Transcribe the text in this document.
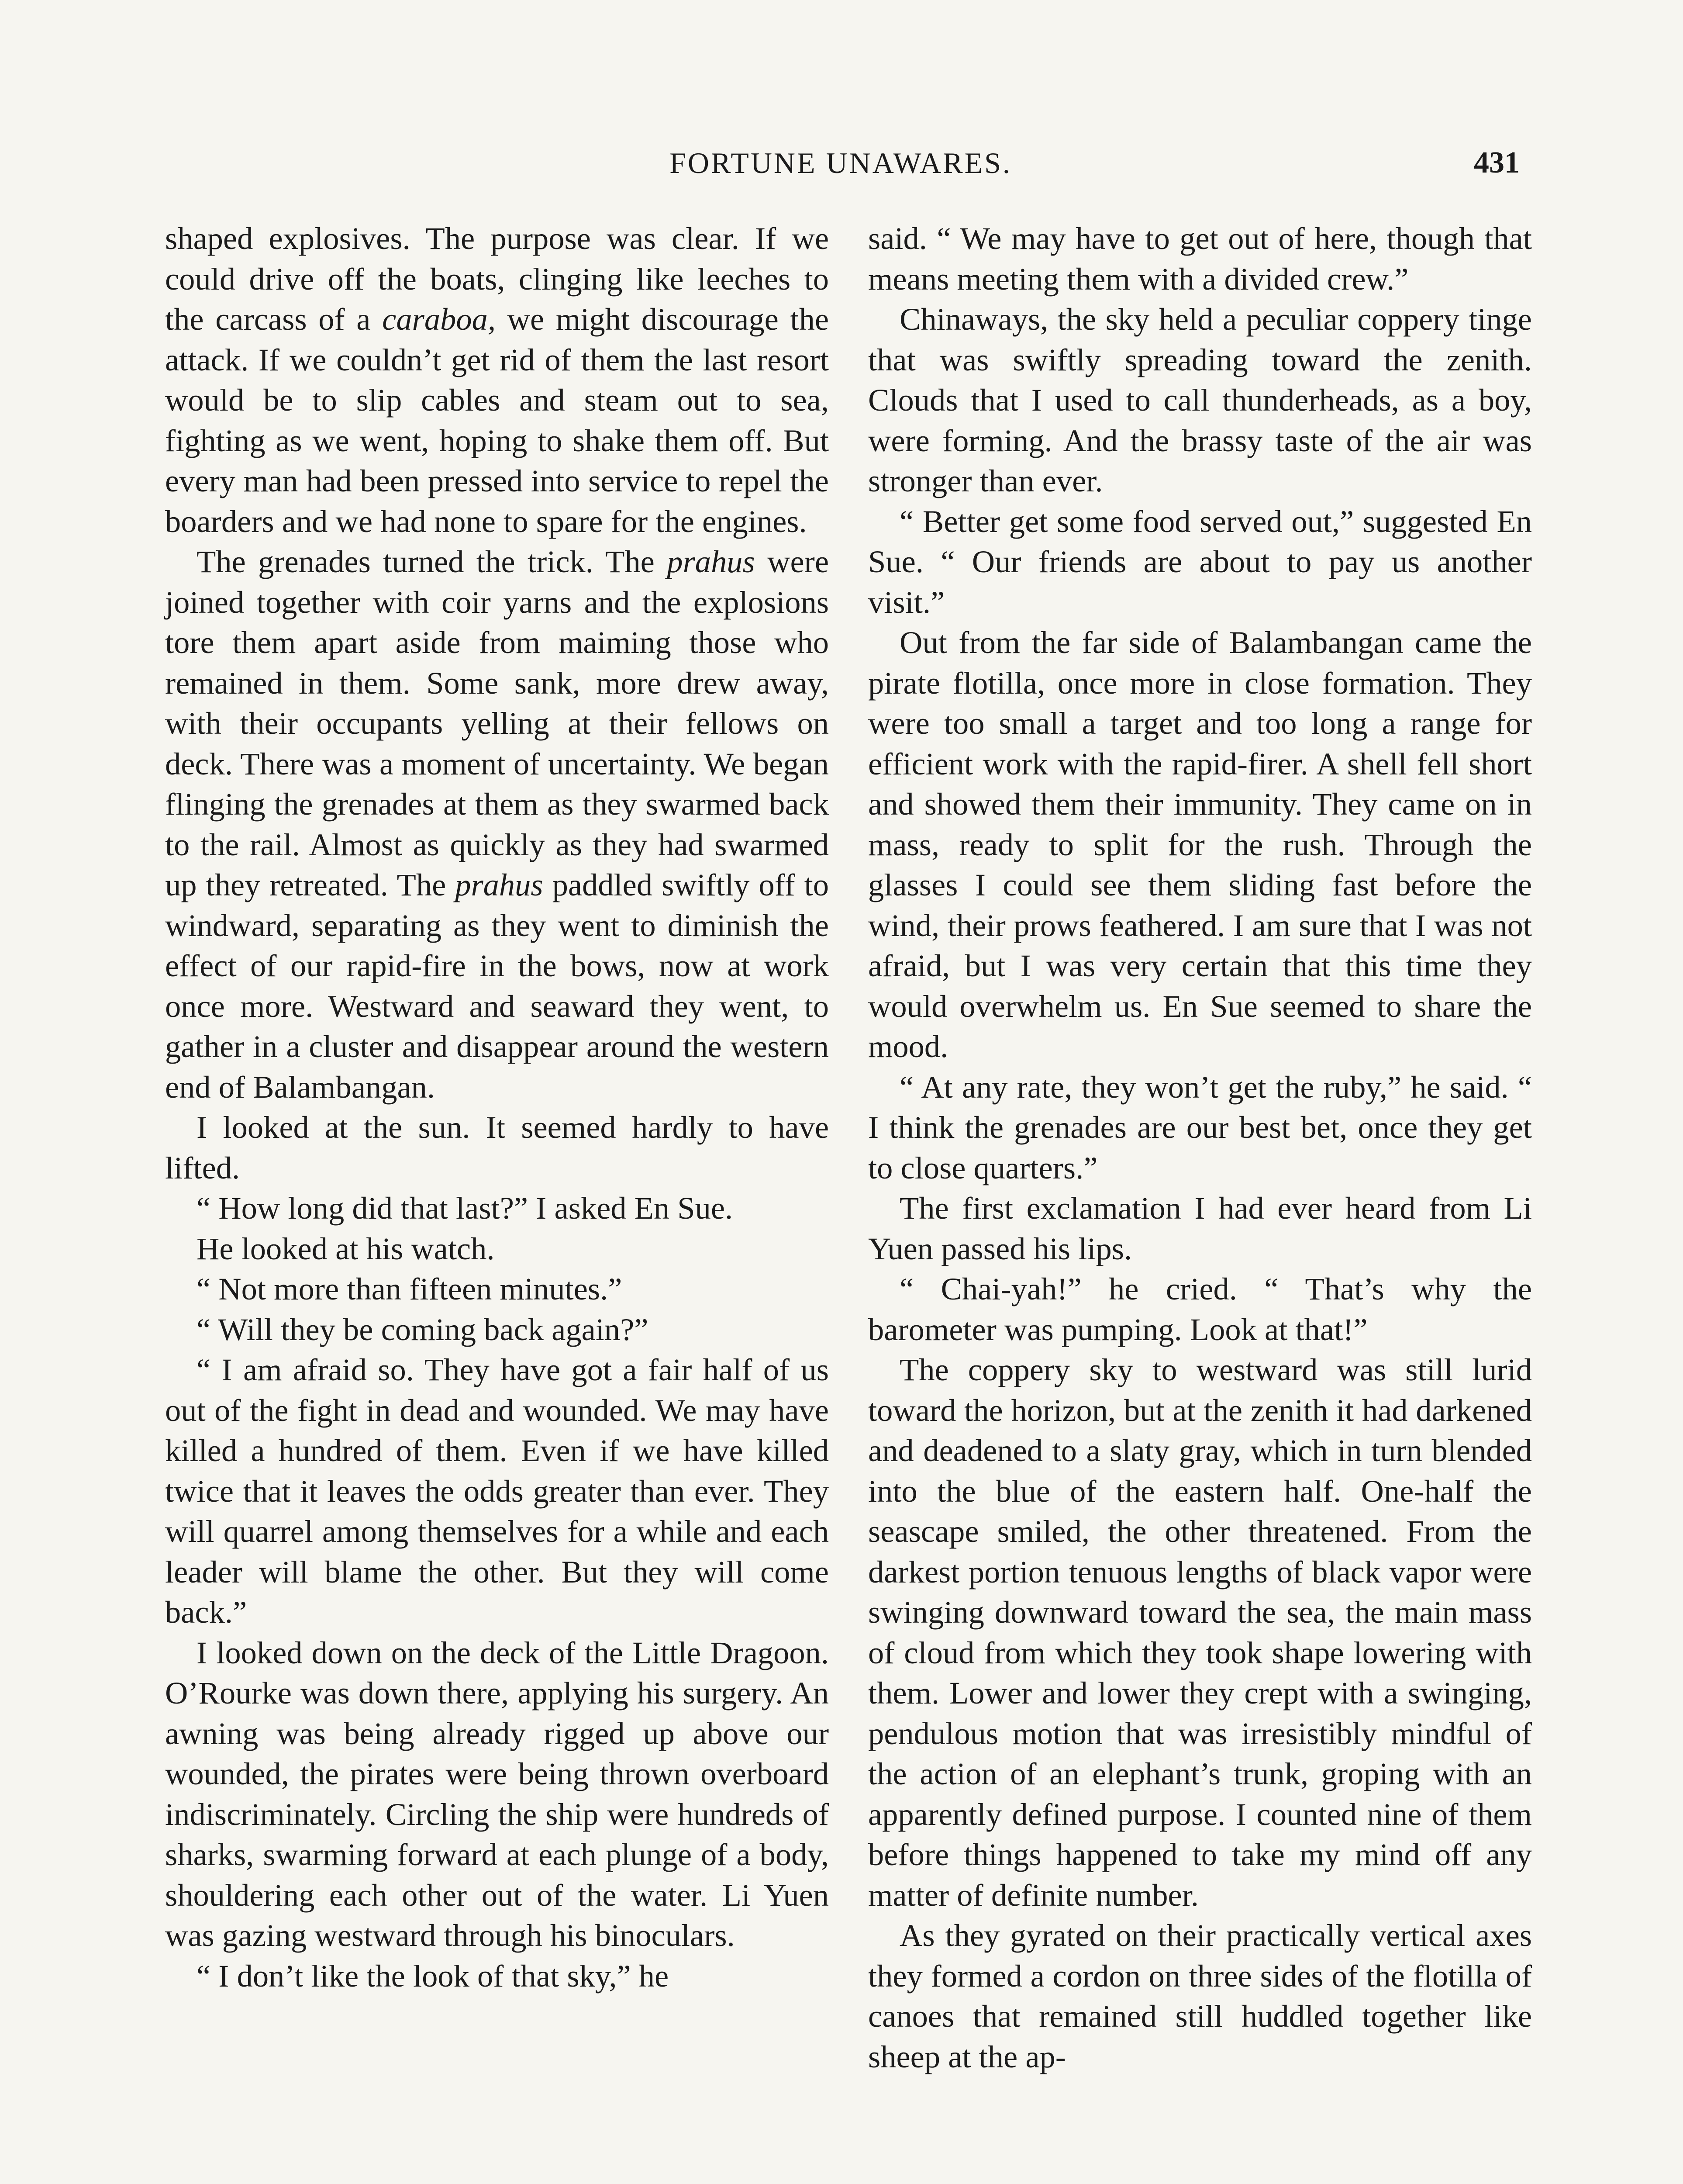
FORTUNE UNAWARES.	431

shaped explosives. The purpose was clear. If we could drive off the boats, clinging like leeches to the carcass of a caraboa, we might discourage the attack. If we couldn’t get rid of them the last resort would be to slip cables and steam out to sea, fighting as we went, hoping to shake them off. But every man had been pressed into service to repel the boarders and we had none to spare for the engines.

The grenades turned the trick. The prahus were joined together with coir yarns and the explosions tore them apart aside from maiming those who remained in them. Some sank, more drew away, with their occupants yelling at their fellows on deck. There was a moment of uncertainty. We began flinging the grenades at them as they swarmed back to the rail. Almost as quickly as they had swarmed up they retreated. The prahus paddled swiftly off to windward, separating as they went to diminish the effect of our rapid-fire in the bows, now at work once more. Westward and seaward they went, to gather in a cluster and disappear around the western end of Balambangan.

I looked at the sun. It seemed hardly to have lifted.

“ How long did that last?” I asked En Sue.

He looked at his watch.

“ Not more than fifteen minutes.”

“ Will they be coming back again?”

“ I am afraid so. They have got a fair half of us out of the fight in dead and wounded. We may have killed a hundred of them. Even if we have killed twice that it leaves the odds greater than ever. They will quarrel among themselves for a while and each leader will blame the other. But they will come back.”

I looked down on the deck of the Little Dragoon. O’Rourke was down there, applying his surgery. An awning was being already rigged up above our wounded, the pirates were being thrown overboard indiscriminately. Circling the ship were hundreds of sharks, swarming forward at each plunge of a body, shouldering each other out of the water. Li Yuen was gazing westward through his binoculars.

“ I don’t like the look of that sky,” he

said. “ We may have to get out of here, though that means meeting them with a divided crew.”

Chinaways, the sky held a peculiar coppery tinge that was swiftly spreading toward the zenith. Clouds that I used to call thunderheads, as a boy, were forming. And the brassy taste of the air was stronger than ever.

“ Better get some food served out,” suggested En Sue. “ Our friends are about to pay us another visit.”

Out from the far side of Balambangan came the pirate flotilla, once more in close formation. They were too small a target and too long a range for efficient work with the rapid-firer. A shell fell short and showed them their immunity. They came on in mass, ready to split for the rush. Through the glasses I could see them sliding fast before the wind, their prows feathered. I am sure that I was not afraid, but I was very certain that this time they would overwhelm us. En Sue seemed to share the mood.

“ At any rate, they won’t get the ruby,” he said. “ I think the grenades are our best bet, once they get to close quarters.”

The first exclamation I had ever heard from Li Yuen passed his lips.

“ Chai-yah!” he cried. “ That’s why the barometer was pumping. Look at that!”

The coppery sky to westward was still lurid toward the horizon, but at the zenith it had darkened and deadened to a slaty gray, which in turn blended into the blue of the eastern half. One-half the seascape smiled, the other threatened. From the darkest portion tenuous lengths of black vapor were swinging downward toward the sea, the main mass of cloud from which they took shape lowering with them. Lower and lower they crept with a swinging, pendulous motion that was irresistibly mindful of the action of an elephant’s trunk, groping with an apparently defined purpose. I counted nine of them before things happened to take my mind off any matter of definite number.

As they gyrated on their practically vertical axes they formed a cordon on three sides of the flotilla of canoes that remained still huddled together like sheep at the ap-
